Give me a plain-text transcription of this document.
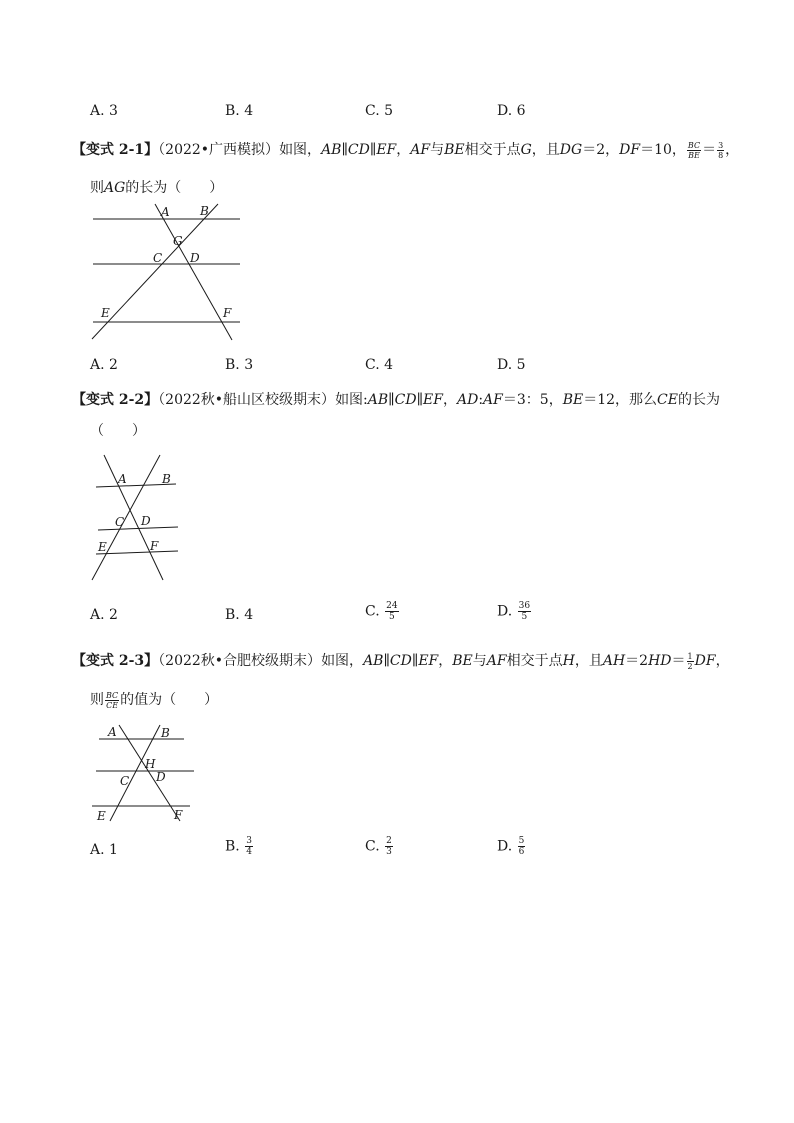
A. 3	B. 4	C. 5	D. 6
【变式 2-1】（2022•广西模拟）如图，AB∥CD∥EF，AF与BE相交于点G，且DG＝2，DF＝10， $\frac{BC}{BE} = \frac{3}{8}$ ，
则AG的长为（　　）
A	B
G
C D
E	F
A	B
C D
E	F
A	B
H
C D
E	F
A. 2	B. 3	C. 4	D. 5
【变式 2-2】（2022秋•船山区校级期末）如图:AB∥CD∥EF，AD:AF＝3：5，BE＝12，那么CE的长为
（　　）
A. 2	B. 4	C. $\frac{24}{5}$	D. $\frac{36}{5}$
【变式 2-3】（2022秋•合肥校级期末）如图，AB∥CD∥EF，BE与AF相交于点H，且$AH=2HD= \frac{1}{2}$ DF，
则 $\frac{BC}{CE}$ 的值为（　　）
A. 1	B. $\frac{3}{4}$	C. $\frac{2}{3}$	D. $\frac{5}{6}$
